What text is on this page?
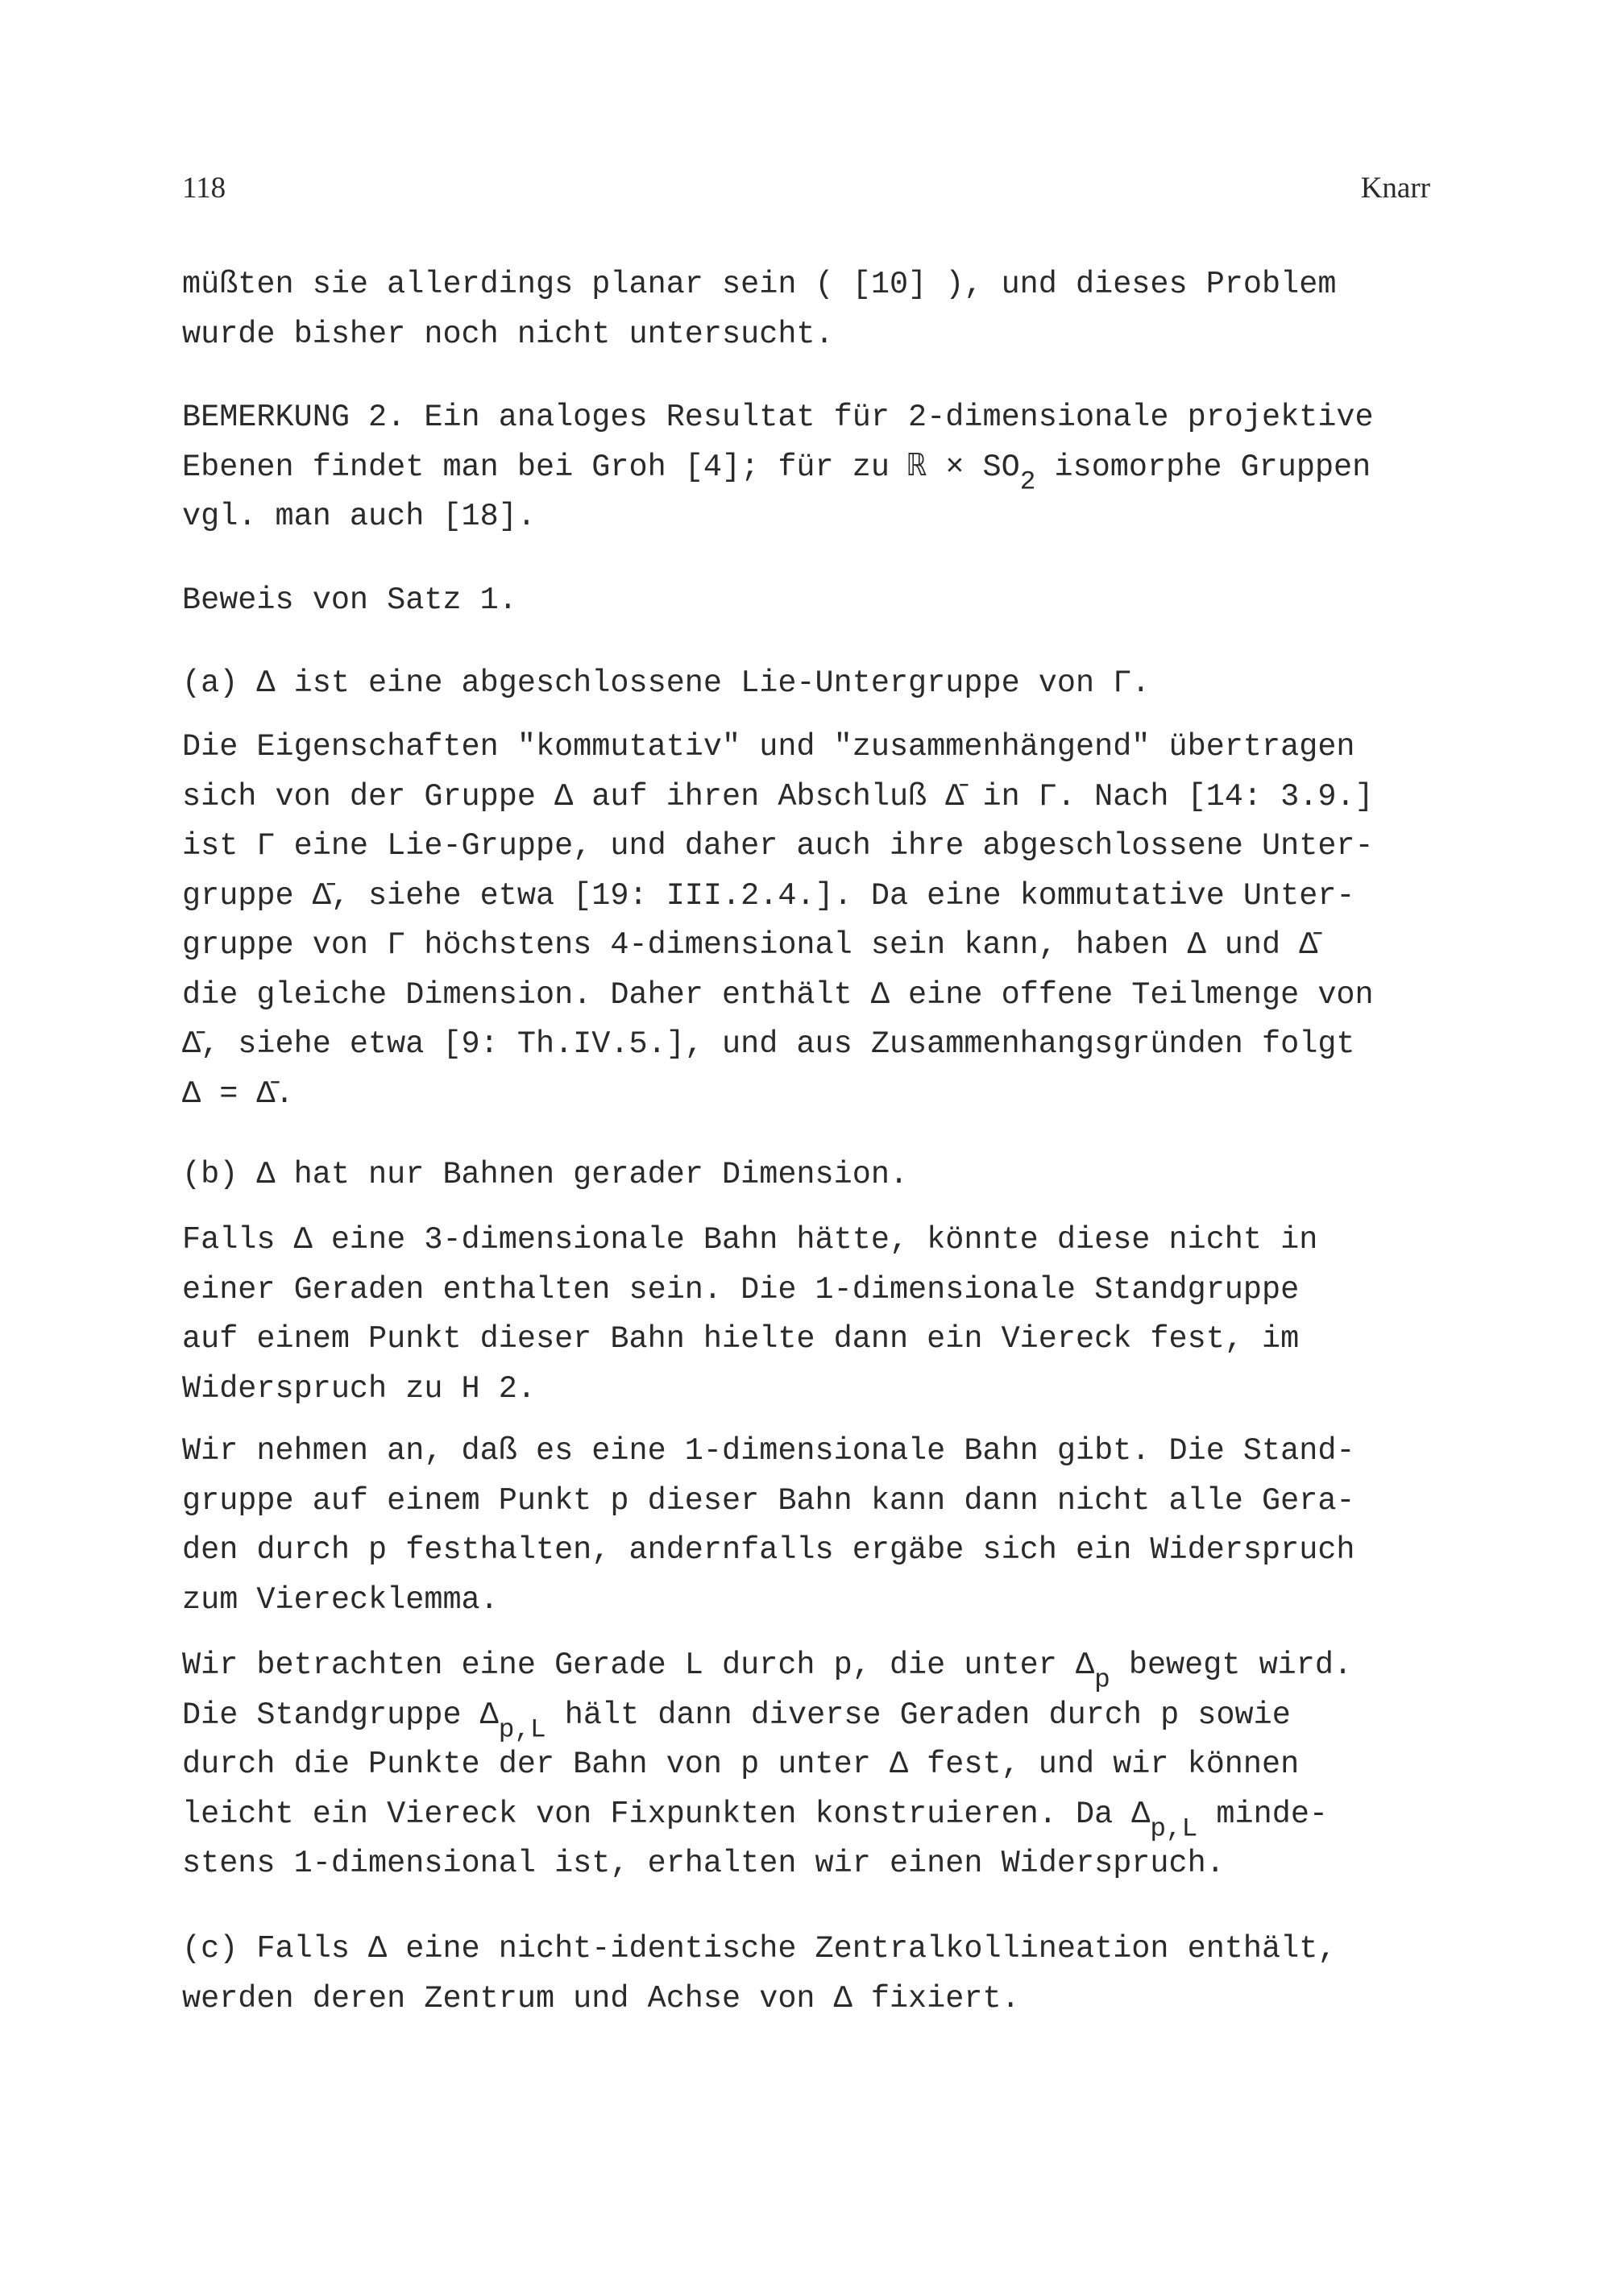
118	Knarr
müßten sie allerdings planar sein ( [10] ), und dieses Problem
wurde bisher noch nicht untersucht.
BEMERKUNG 2. Ein analoges Resultat für 2-dimensionale projektive
Ebenen findet man bei Groh [4]; für zu ℝ × $SO_2$ isomorphe Gruppen
vgl. man auch [18].
Beweis von Satz 1.
(a) Δ ist eine abgeschlossene Lie-Untergruppe von Γ.
Die Eigenschaften "kommutativ" und "zusammenhängend" übertragen
sich von der Gruppe Δ auf ihren Abschluß Δ̄ in Γ. Nach [14: 3.9.]
ist Γ eine Lie-Gruppe, und daher auch ihre abgeschlossene Unter-
gruppe Δ̄, siehe etwa [19: III.2.4.]. Da eine kommutative Unter-
gruppe von Γ höchstens 4-dimensional sein kann, haben Δ und Δ̄
die gleiche Dimension. Daher enthält Δ eine offene Teilmenge von
Δ̄, siehe etwa [9: Th.IV.5.], und aus Zusammenhangsgründen folgt
Δ = Δ̄.
(b) Δ hat nur Bahnen gerader Dimension.
Falls Δ eine 3-dimensionale Bahn hätte, könnte diese nicht in
einer Geraden enthalten sein. Die 1-dimensionale Standgruppe
auf einem Punkt dieser Bahn hielte dann ein Viereck fest, im
Widerspruch zu H 2.
Wir nehmen an, daß es eine 1-dimensionale Bahn gibt. Die Stand-
gruppe auf einem Punkt p dieser Bahn kann dann nicht alle Gera-
den durch p festhalten, andernfalls ergäbe sich ein Widerspruch
zum Vierecklemma.
Wir betrachten eine Gerade L durch p, die unter $\Delta_p$ bewegt wird.
Die Standgruppe $\Delta_{p,L}$ hält dann diverse Geraden durch p sowie
durch die Punkte der Bahn von p unter Δ fest, und wir können
leicht ein Viereck von Fixpunkten konstruieren. Da $\Delta_{p,L}$ minde-
stens 1-dimensional ist, erhalten wir einen Widerspruch.
(c) Falls Δ eine nicht-identische Zentralkollineation enthält,
werden deren Zentrum und Achse von Δ fixiert.
